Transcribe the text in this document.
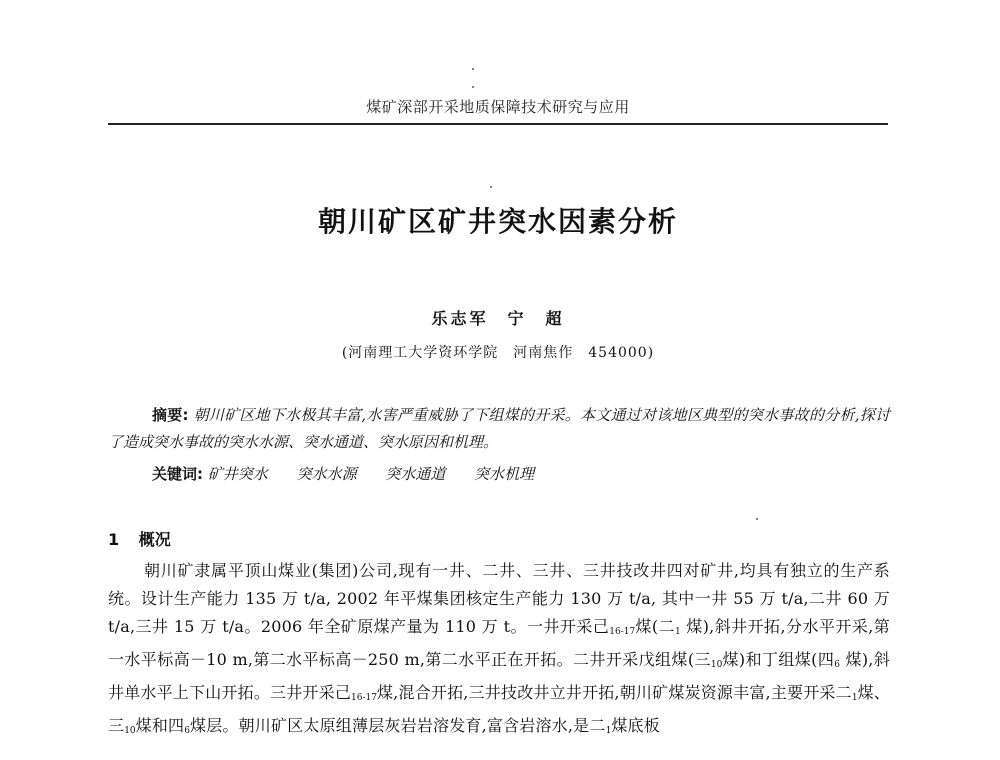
煤矿深部开采地质保障技术研究与应用
朝川矿区矿井突水因素分析
乐志军　宁　超
(河南理工大学资环学院　河南焦作　454000)
摘要: 朝川矿区地下水极其丰富,水害严重威胁了下组煤的开采。本文通过对该地区典型的突水事故的分析,探讨了造成突水事故的突水水源、突水通道、突水原因和机理。
关键词: 矿井突水 突水水源 突水通道 突水机理
1 概况
朝川矿隶属平顶山煤业(集团)公司,现有一井、二井、三井、三井技改井四对矿井,均具有独立的生产系统。设计生产能力 135 万 t/a, 2002 年平煤集团核定生产能力 130 万 t/a, 其中一井 55 万 t/a,二井 60 万 t/a,三井 15 万 t/a。2006 年全矿原煤产量为 110 万 t。一井开采己$_{16-17}$煤(二$_1$ 煤),斜井开拓,分水平开采,第一水平标高－10 m,第二水平标高－250 m,第二水平正在开拓。二井开采戊组煤(三$_{10}$煤)和丁组煤(四$_6$ 煤),斜井单水平上下山开拓。三井开采己$_{16-17}$煤,混合开拓,三井技改井立井开拓,朝川矿煤炭资源丰富,主要开采二$_1$煤、三$_{10}$煤和四$_6$煤层。朝川矿区太原组薄层灰岩岩溶发育,富含岩溶水,是二$_1$煤底板
